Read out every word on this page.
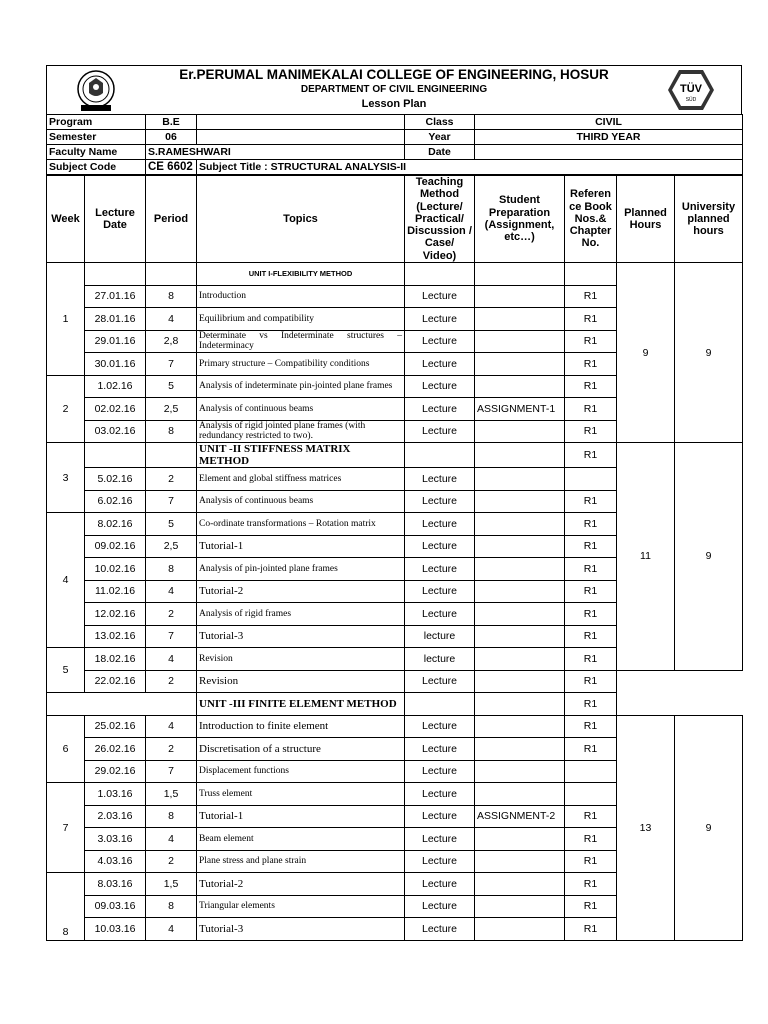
Er.PERUMAL MANIMEKALAI COLLEGE OF ENGINEERING, HOSUR
DEPARTMENT OF CIVIL ENGINEERING
Lesson Plan
TÜV
SÜD
Program	B.E		Class	CIVIL
Semester	06		Year	THIRD YEAR
Faculty Name	S.RAMESHWARI		Date	
Subject Code	CE 6602	Subject Title : STRUCTURAL ANALYSIS-II		
Week	Lecture Date	Period	Topics	Teaching Method (Lecture/ Practical/ Discussion / Case/ Video)	Student Preparation (Assignment, etc…)	Referen ce Book Nos.& Chapter No.	Planned Hours	University planned hours
1			UNIT I-FLEXIBILITY METHOD				9	9
	27.01.16	8	Introduction	Lecture		R1		
	28.01.16	4	Equilibrium and compatibility	Lecture		R1		
	29.01.16	2,8	Determinate vs Indeterminate structures – Indeterminacy	Lecture		R1		
	30.01.16	7	Primary structure – Compatibility conditions	Lecture		R1		
2	1.02.16	5	Analysis of indeterminate pin-jointed plane frames	Lecture		R1		
	02.02.16	2,5	Analysis of continuous beams	Lecture	ASSIGNMENT-1	R1		
	03.02.16	8	Analysis of rigid jointed plane frames (with redundancy restricted to two).	Lecture		R1		
3			UNIT -II STIFFNESS MATRIX METHOD			R1	11	9
	5.02.16	2	Element and global stiffness matrices	Lecture				
	6.02.16	7	Analysis of continuous beams	Lecture		R1		
4	8.02.16	5	Co-ordinate transformations – Rotation matrix	Lecture		R1		
	09.02.16	2,5	Tutorial-1	Lecture		R1		
	10.02.16	8	Analysis of pin-jointed plane frames	Lecture		R1		
	11.02.16	4	Tutorial-2	Lecture		R1		
	12.02.16	2	Analysis of rigid frames	Lecture		R1		
	13.02.16	7	Tutorial-3	lecture		R1		
5	18.02.16	4	Revision	lecture		R1		
	22.02.16	2	Revision	Lecture		R1		
			UNIT -III FINITE ELEMENT METHOD			R1		
6	25.02.16	4	Introduction to finite element	Lecture		R1	13	9
	26.02.16	2	Discretisation of a structure	Lecture		R1		
	29.02.16	7	Displacement functions	Lecture				
7	1.03.16	1,5	Truss element	Lecture				
	2.03.16	8	Tutorial-1	Lecture	ASSIGNMENT-2	R1		
	3.03.16	4	Beam element	Lecture		R1		
	4.03.16	2	Plane stress and plane strain	Lecture		R1		
8	8.03.16	1,5	Tutorial-2	Lecture		R1		
	09.03.16	8	Triangular elements	Lecture		R1		
	10.03.16	4	Tutorial-3	Lecture		R1		
